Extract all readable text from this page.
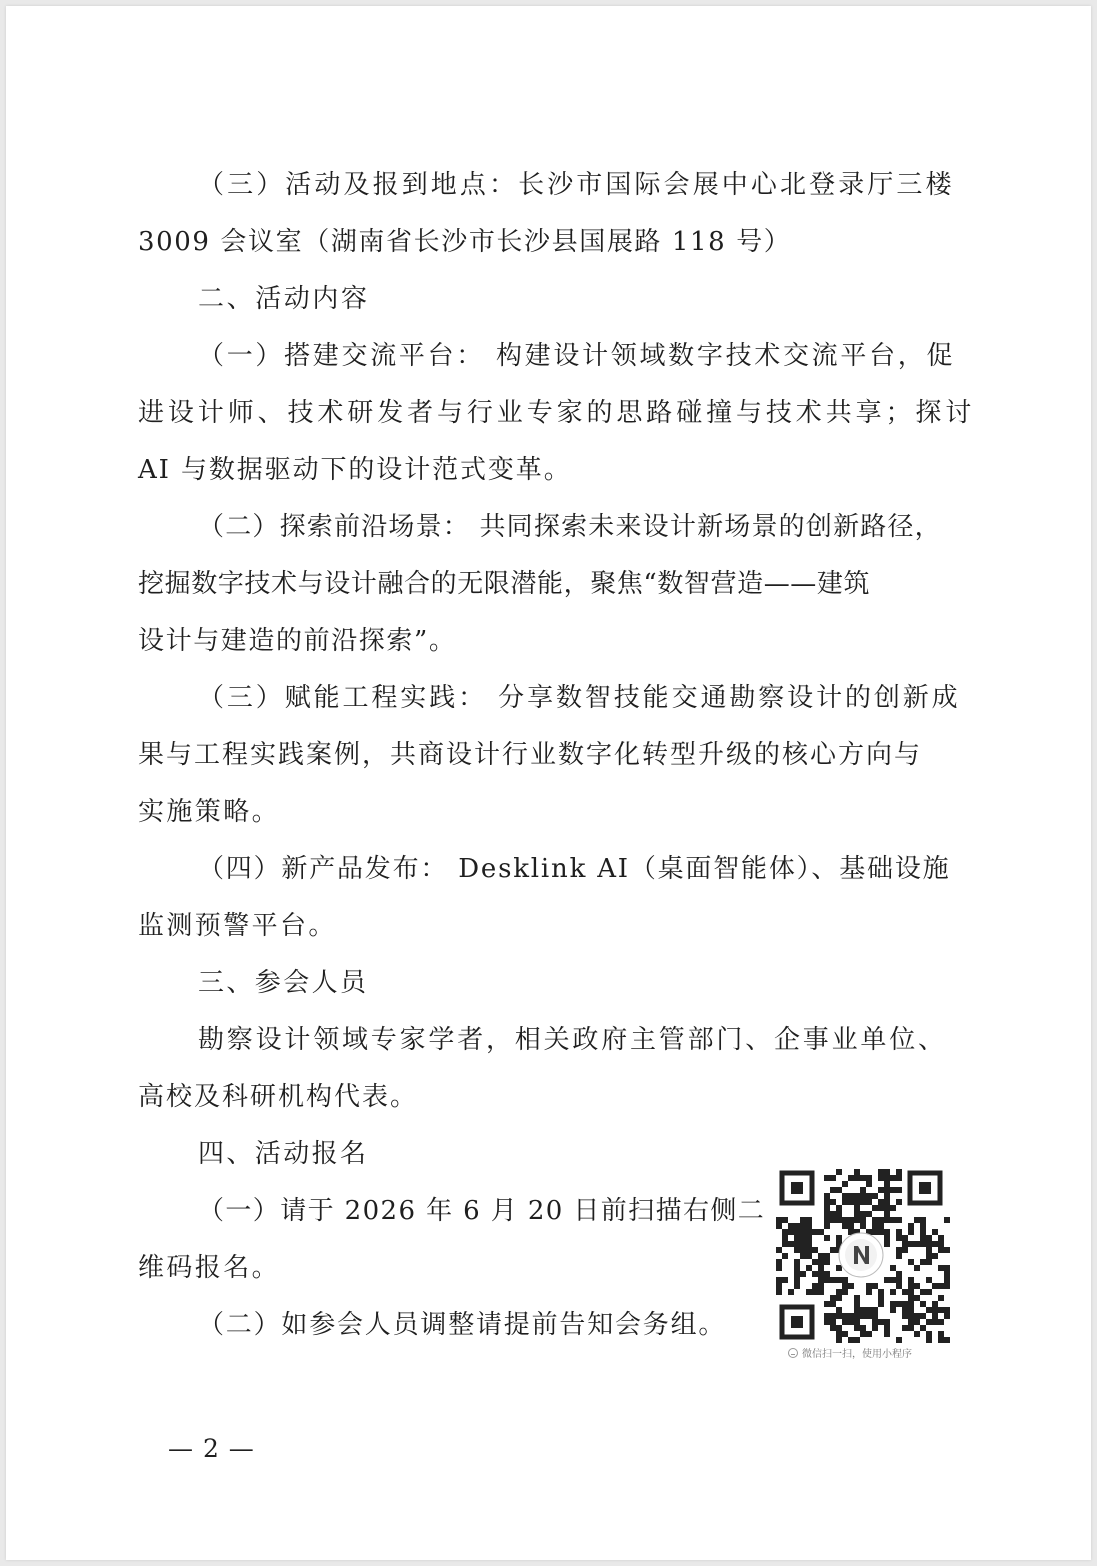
（三）活动及报到地点：长沙市国际会展中心北登录厅三楼
3009 会议室（湖南省长沙市长沙县国展路 118 号）
二、活动内容
（一）搭建交流平台： 构建设计领域数字技术交流平台，促
进设计师、技术研发者与行业专家的思路碰撞与技术共享；探讨
AI 与数据驱动下的设计范式变革。
（二）探索前沿场景： 共同探索未来设计新场景的创新路径，
挖掘数字技术与设计融合的无限潜能，聚焦“数智营造——建筑
设计与建造的前沿探索”。
（三）赋能工程实践： 分享数智技能交通勘察设计的创新成
果与工程实践案例，共商设计行业数字化转型升级的核心方向与
实施策略。
（四）新产品发布： Desklink AI（桌面智能体）、基础设施
监测预警平台。
三、参会人员
勘察设计领域专家学者，相关政府主管部门、企事业单位、
高校及科研机构代表。
四、活动报名
（一）请于 2026 年 6 月 20 日前扫描右侧二
维码报名。
（二）如参会人员调整请提前告知会务组。
微信扫一扫，使用小程序
— 2 —
